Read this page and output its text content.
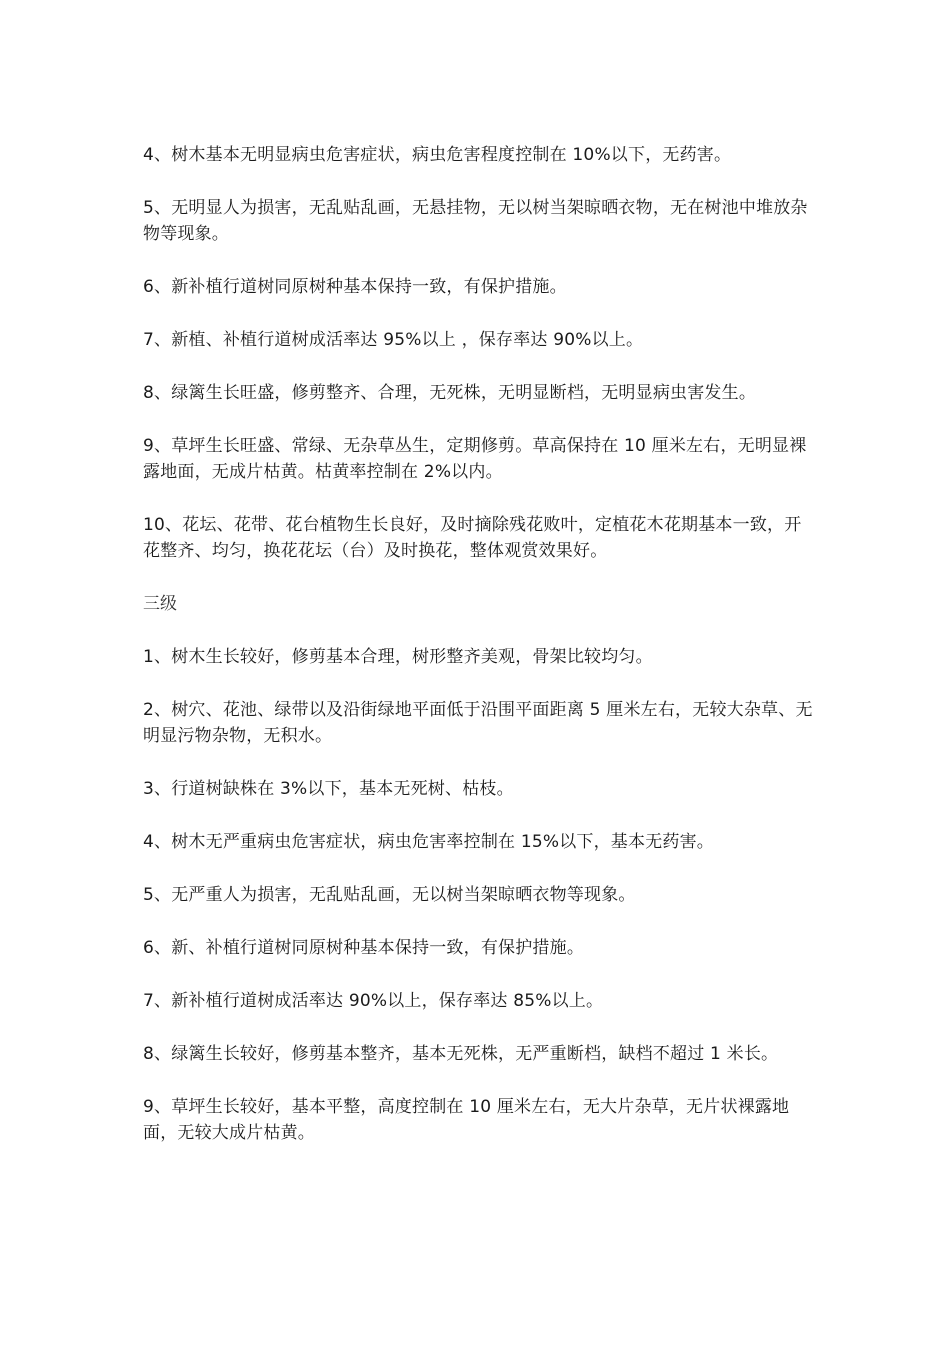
4、树木基本无明显病虫危害症状，病虫危害程度控制在 10%以下，无药害。

5、无明显人为损害，无乱贴乱画，无悬挂物，无以树当架晾晒衣物，无在树池中堆放杂物等现象。

6、新补植行道树同原树种基本保持一致，有保护措施。

7、新植、补植行道树成活率达 95%以上 ，保存率达 90%以上。

8、绿篱生长旺盛，修剪整齐、合理，无死株，无明显断档，无明显病虫害发生。

9、草坪生长旺盛、常绿、无杂草丛生，定期修剪。草高保持在 10 厘米左右，无明显裸露地面，无成片枯黄。枯黄率控制在 2%以内。

10、花坛、花带、花台植物生长良好，及时摘除残花败叶，定植花木花期基本一致，开花整齐、均匀，换花花坛（台）及时换花，整体观赏效果好。

三级

1、树木生长较好，修剪基本合理，树形整齐美观，骨架比较均匀。

2、树穴、花池、绿带以及沿街绿地平面低于沿围平面距离 5 厘米左右，无较大杂草、无明显污物杂物，无积水。

3、行道树缺株在 3%以下，基本无死树、枯枝。

4、树木无严重病虫危害症状，病虫危害率控制在 15%以下，基本无药害。

5、无严重人为损害，无乱贴乱画，无以树当架晾晒衣物等现象。

6、新、补植行道树同原树种基本保持一致，有保护措施。

7、新补植行道树成活率达 90%以上，保存率达 85%以上。

8、绿篱生长较好，修剪基本整齐，基本无死株，无严重断档，缺档不超过 1 米长。

9、草坪生长较好，基本平整，高度控制在 10 厘米左右，无大片杂草，无片状裸露地面，无较大成片枯黄。
